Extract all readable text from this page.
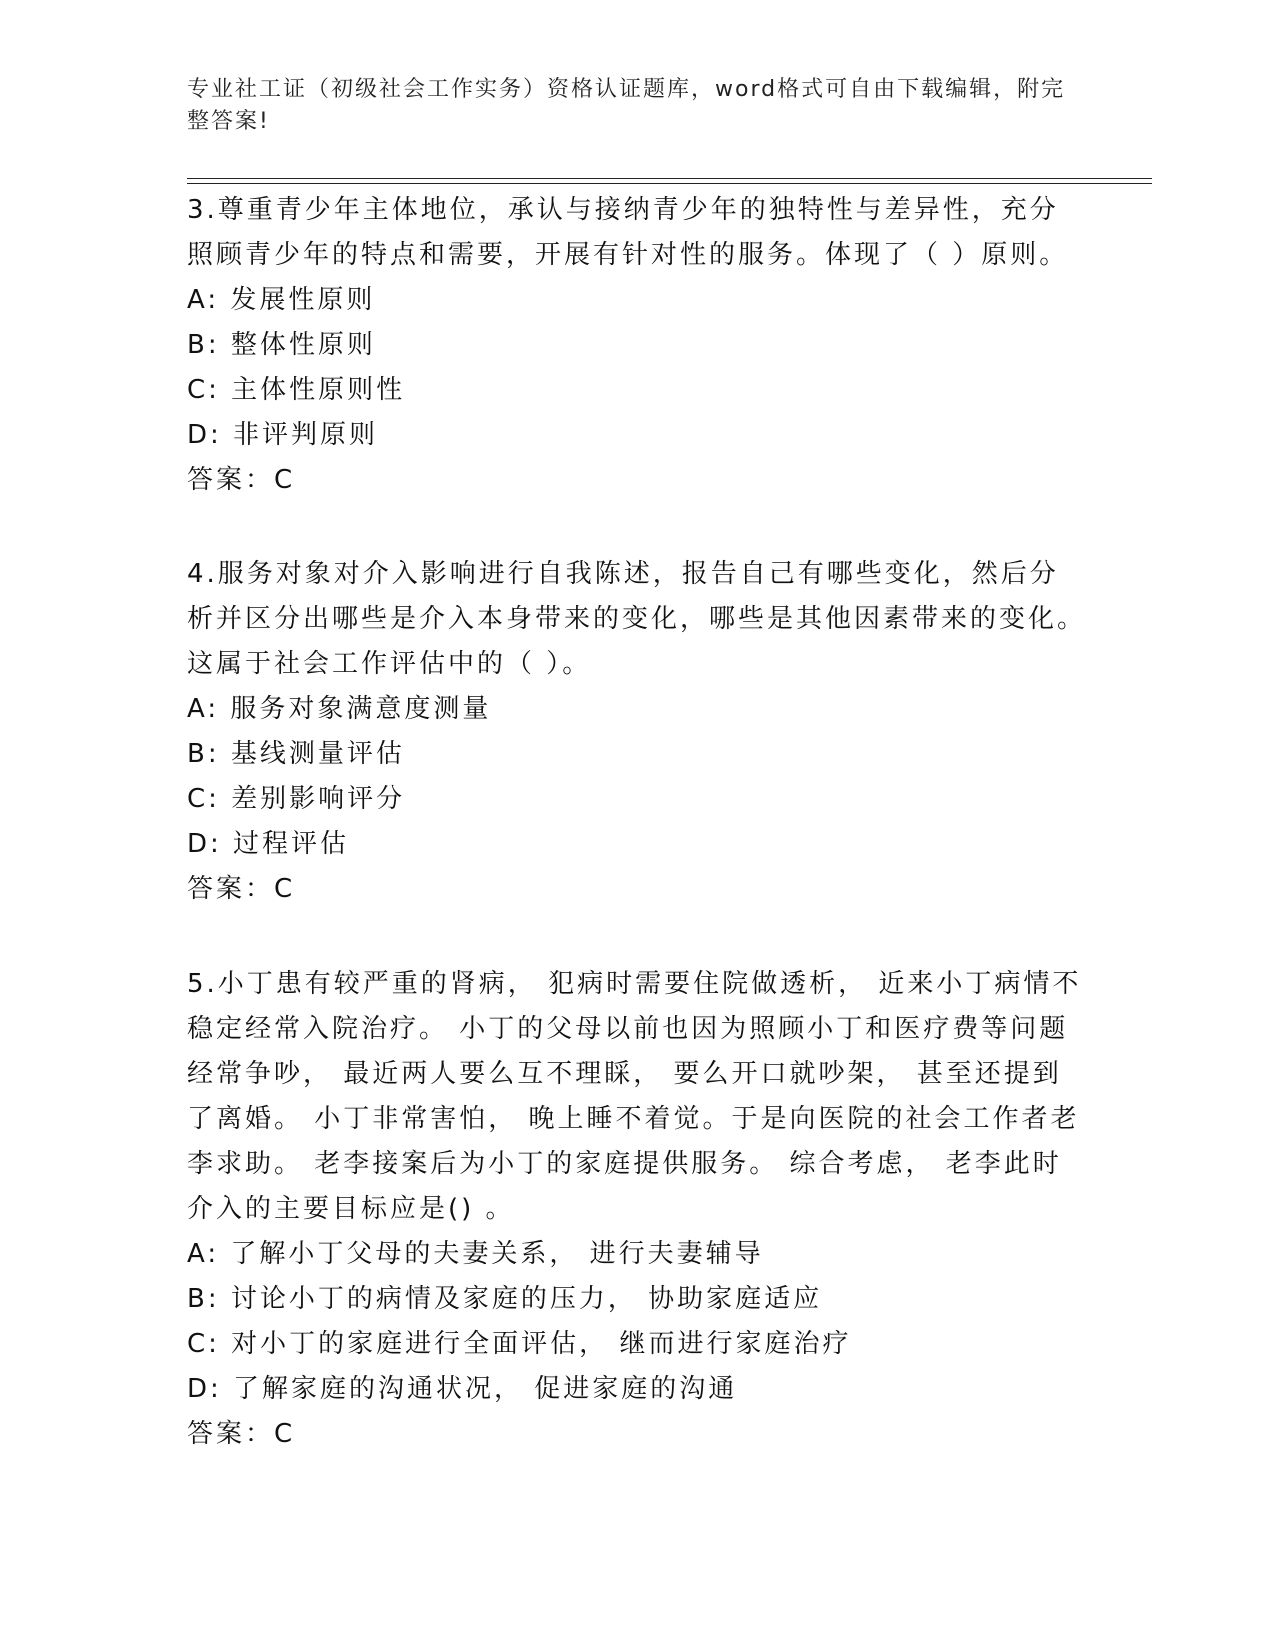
专业社工证（初级社会工作实务）资格认证题库，word格式可自由下载编辑，附完整答案!
3.尊重青少年主体地位，承认与接纳青少年的独特性与差异性，充分照顾青少年的特点和需要，开展有针对性的服务。体现了（ ）原则。
A: 发展性原则
B: 整体性原则
C: 主体性原则性
D: 非评判原则
答案：C
4.服务对象对介入影响进行自我陈述，报告自己有哪些变化，然后分析并区分出哪些是介入本身带来的变化，哪些是其他因素带来的变化。这属于社会工作评估中的（ ）。
A: 服务对象满意度测量
B: 基线测量评估
C: 差别影响评分
D: 过程评估
答案：C
5.小丁患有较严重的肾病， 犯病时需要住院做透析， 近来小丁病情不稳定经常入院治疗。 小丁的父母以前也因为照顾小丁和医疗费等问题经常争吵， 最近两人要么互不理睬， 要么开口就吵架， 甚至还提到了离婚。 小丁非常害怕， 晚上睡不着觉。于是向医院的社会工作者老李求助。 老李接案后为小丁的家庭提供服务。 综合考虑， 老李此时介入的主要目标应是() 。
A: 了解小丁父母的夫妻关系， 进行夫妻辅导
B: 讨论小丁的病情及家庭的压力， 协助家庭适应
C: 对小丁的家庭进行全面评估， 继而进行家庭治疗
D: 了解家庭的沟通状况， 促进家庭的沟通
答案：C
